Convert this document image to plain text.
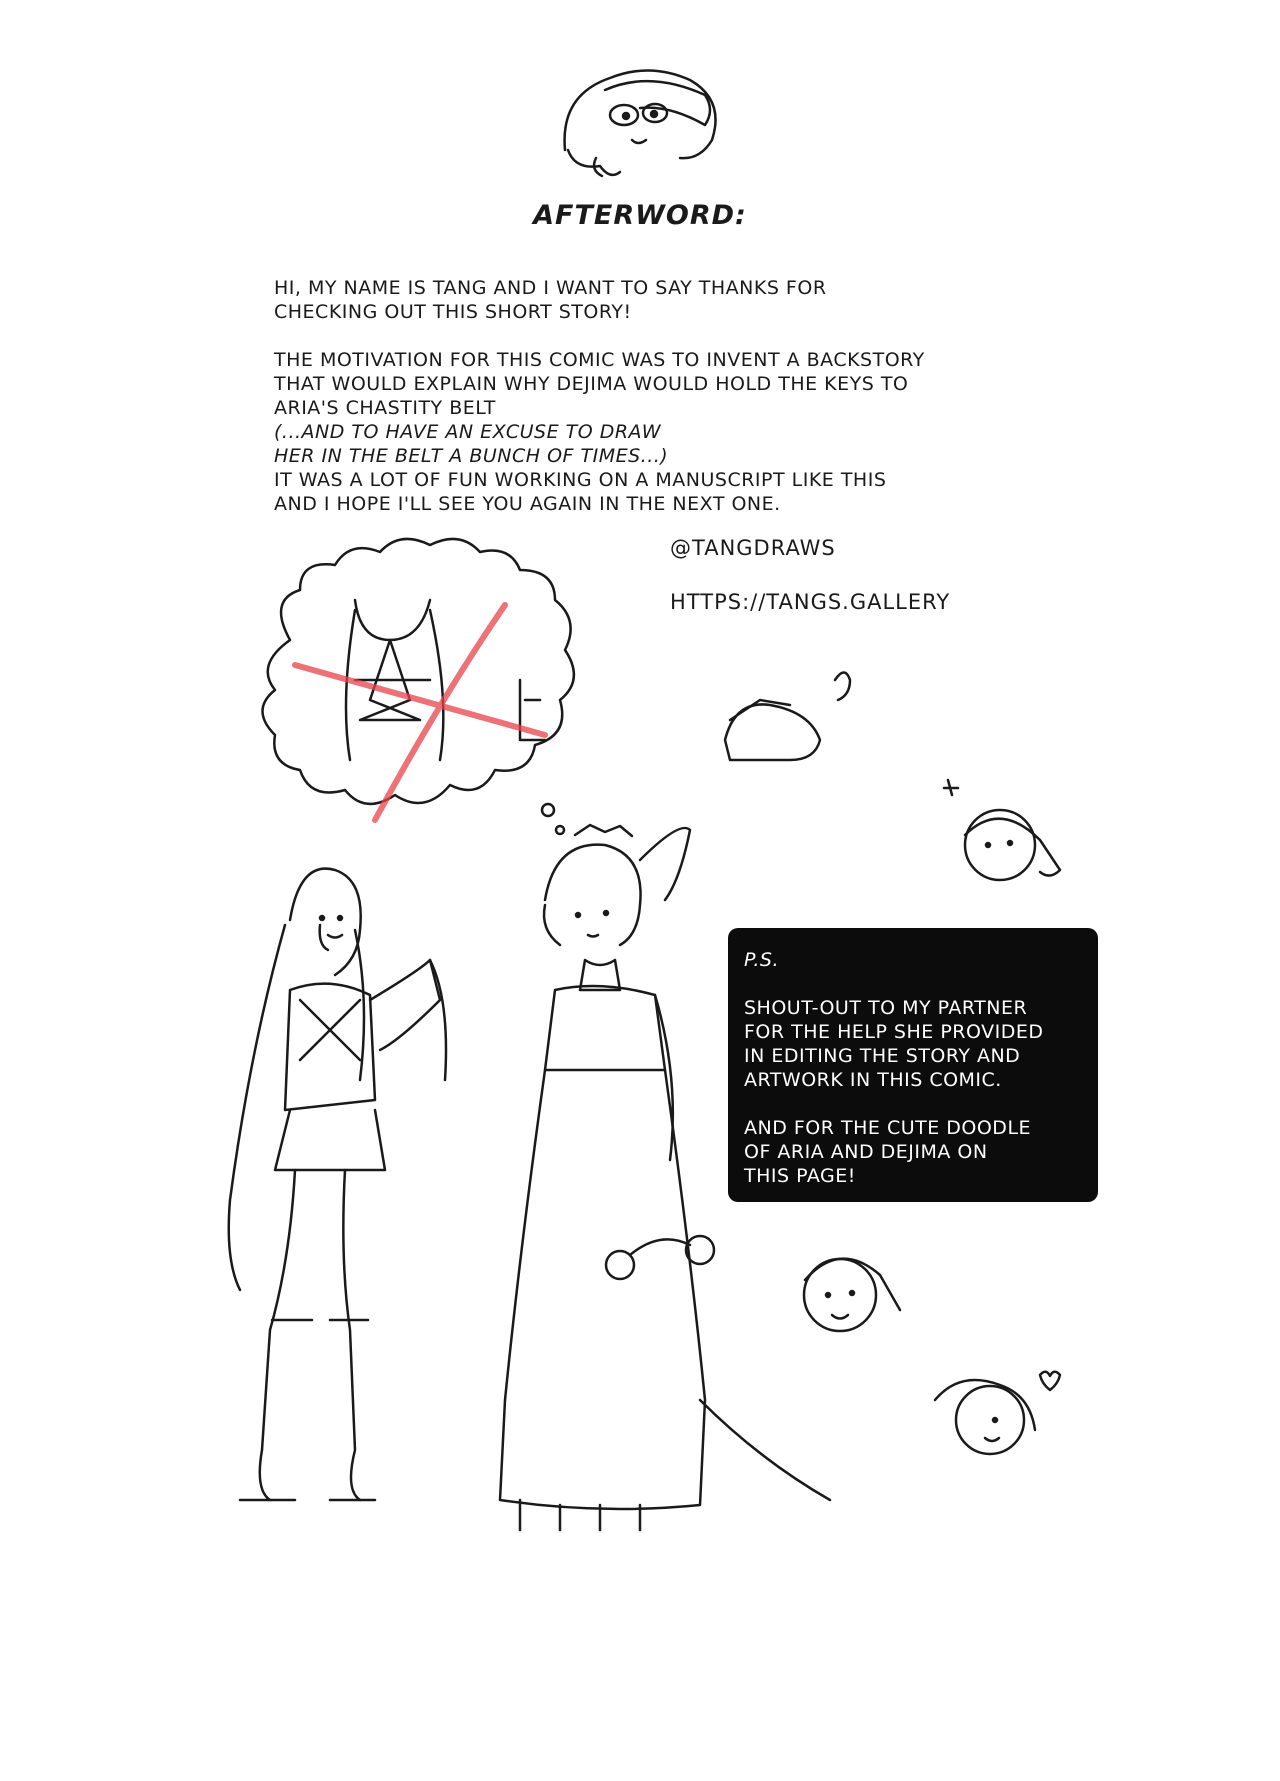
AFTERWORD:
HI, MY NAME IS TANG AND I WANT TO SAY THANKS FOR
CHECKING OUT THIS SHORT STORY!
THE MOTIVATION FOR THIS COMIC WAS TO INVENT A BACKSTORY
THAT WOULD EXPLAIN WHY DEJIMA WOULD HOLD THE KEYS TO
ARIA'S CHASTITY BELT

(...AND TO HAVE AN EXCUSE TO DRAW
HER IN THE BELT A BUNCH OF TIMES...)

IT WAS A LOT OF FUN WORKING ON A MANUSCRIPT LIKE THIS
AND I HOPE I'LL SEE YOU AGAIN IN THE NEXT ONE.
@TANGDRAWS
HTTPS://TANGS.GALLERY
P.S.
SHOUT-OUT TO MY PARTNER
FOR THE HELP SHE PROVIDED
IN EDITING THE STORY AND
ARTWORK IN THIS COMIC.
AND FOR THE CUTE DOODLE
OF ARIA AND DEJIMA ON
THIS PAGE!
